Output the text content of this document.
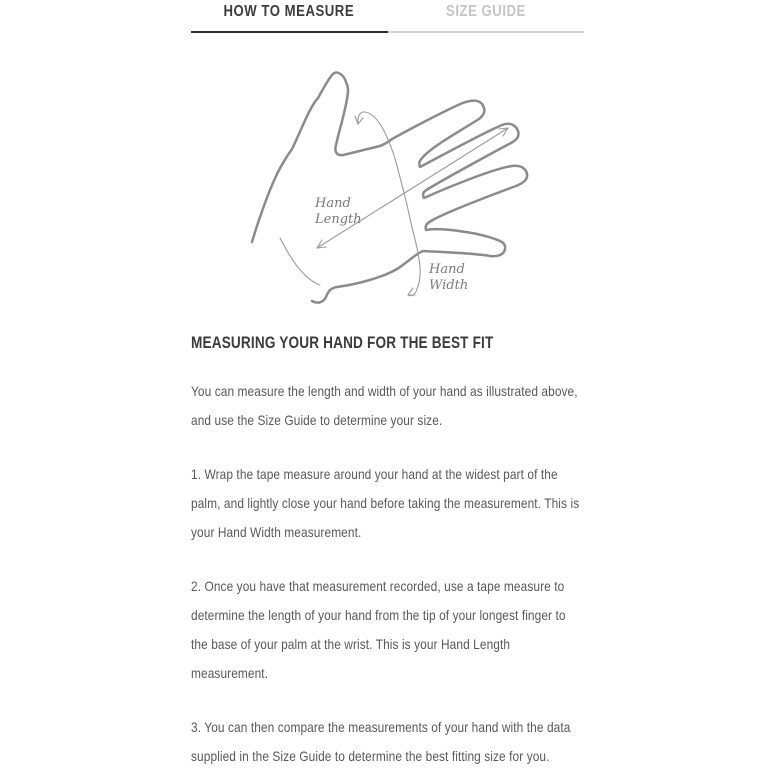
HOW TO MEASURE	SIZE GUIDE
Hand
Length
Hand
Width
MEASURING YOUR HAND FOR THE BEST FIT

You can measure the length and width of your hand as illustrated above, and use the Size Guide to determine your size.

1. Wrap the tape measure around your hand at the widest part of the palm, and lightly close your hand before taking the measurement. This is your Hand Width measurement.

2. Once you have that measurement recorded, use a tape measure to determine the length of your hand from the tip of your longest finger to the base of your palm at the wrist. This is your Hand Length measurement.

3. You can then compare the measurements of your hand with the data supplied in the Size Guide to determine the best fitting size for you.
